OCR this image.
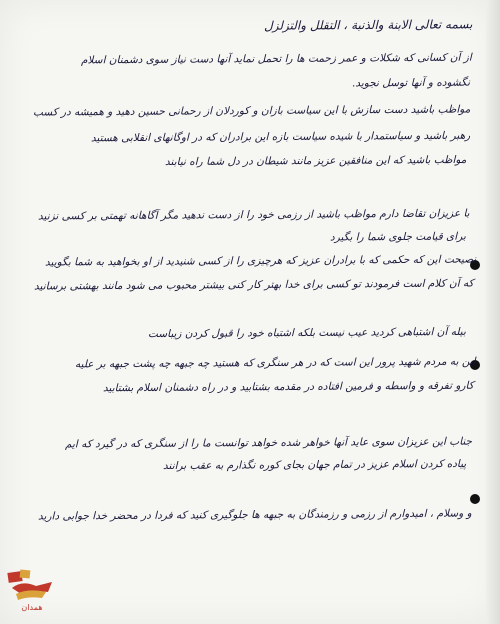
بسمه تعالی الابنة والذنبة ، التقلل والتزلزل
از آن کسانی که شکلات و عمر زحمت ها را تحمل نماید آنها دست نیاز سوی دشمنان اسلام
نگشوده و آنها توسل نجوید.
مواظب باشید دست سازش با این سیاست بازان و کوردلان از رحمانی حسین دهید و همیشه در کسب
رهبر باشید و سیاستمدار با شیده سیاست بازه این برادران که در اوگانهای انقلابی هستید
مواظب باشید که این منافقین عزیز مانند شیطان در دل شما راه نیابند
با عزیزان تقاضا دارم مواظب باشید از رزمی خود را از دست ندهید مگر آگاهانه تهمتی بر کسی نزنید
برای قیامت جلوی شما را بگیرد
نصیحت این که حکمی که با برادران عزیز که هرچیزی را از کسی شنیدید از او بخواهید به شما بگویید
که آن کلام است فرمودند تو کسی برای خدا بهتر کار کنی بیشتر محبوب می شود مانند بهشتی برسانید
بیله آن اشتباهی کردید عیب نیست بلکه اشتباه خود را قبول کردن زیباست
این به مردم شهید پرور این است که در هر سنگری که هستید چه جبهه چه پشت جبهه بر علیه
کارو تفرقه و واسطه و فرمین افتاده در مقدمه بشتابید و در راه دشمنان اسلام بشتابید
جناب این عزیزان سوی عاید آنها خواهر شده خواهد توانست ما را از سنگری که در گیرد که ایم
پیاده کردن اسلام عزیز در تمام جهان بجای کوره نگذارم به عقب برانند
و وسلام ، امیدوارم از رزمی و رزمندگان به جبهه ها جلوگیری کنید که فردا در محضر خدا جوابی دارید
همدان
